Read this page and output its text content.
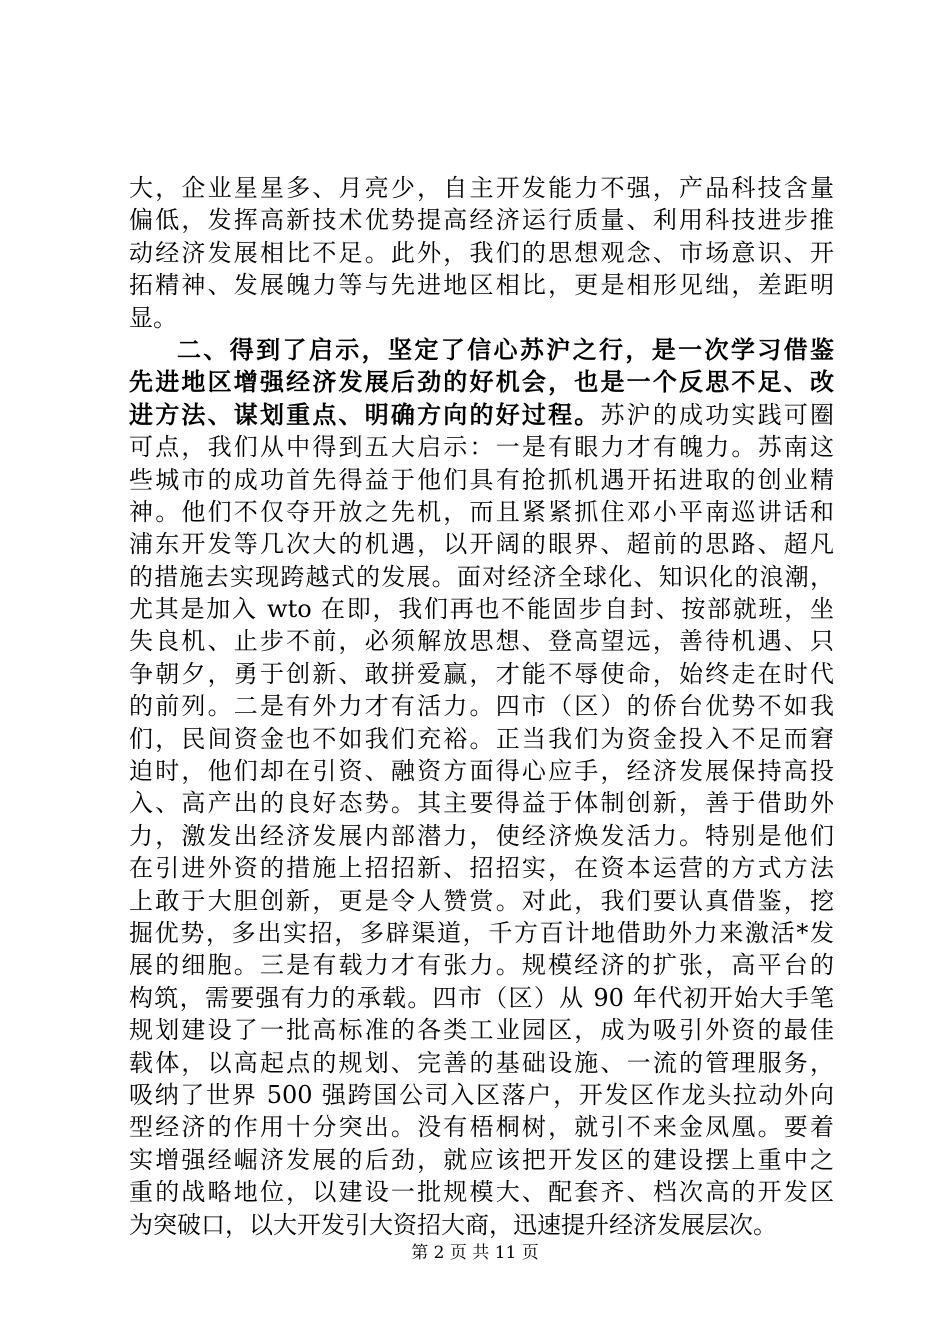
大，企业星星多、月亮少，自主开发能力不强，产品科技含量
偏低，发挥高新技术优势提高经济运行质量、利用科技进步推
动经济发展相比不足。此外，我们的思想观念、市场意识、开
拓精神、发展魄力等与先进地区相比，更是相形见绌，差距明
显。
二、得到了启示，坚定了信心苏沪之行，是一次学习借鉴
先进地区增强经济发展后劲的好机会，也是一个反思不足、改
进方法、谋划重点、明确方向的好过程。苏沪的成功实践可圈
可点，我们从中得到五大启示：一是有眼力才有魄力。苏南这
些城市的成功首先得益于他们具有抢抓机遇开拓进取的创业精
神。他们不仅夺开放之先机，而且紧紧抓住邓小平南巡讲话和
浦东开发等几次大的机遇，以开阔的眼界、超前的思路、超凡
的措施去实现跨越式的发展。面对经济全球化、知识化的浪潮，
尤其是加入 wto 在即，我们再也不能固步自封、按部就班，坐
失良机、止步不前，必须解放思想、登高望远，善待机遇、只
争朝夕，勇于创新、敢拼爱赢，才能不辱使命，始终走在时代
的前列。二是有外力才有活力。四市（区）的侨台优势不如我
们，民间资金也不如我们充裕。正当我们为资金投入不足而窘
迫时，他们却在引资、融资方面得心应手，经济发展保持高投
入、高产出的良好态势。其主要得益于体制创新，善于借助外
力，激发出经济发展内部潜力，使经济焕发活力。特别是他们
在引进外资的措施上招招新、招招实，在资本运营的方式方法
上敢于大胆创新，更是令人赞赏。对此，我们要认真借鉴，挖
掘优势，多出实招，多辟渠道，千方百计地借助外力来激活*发
展的细胞。三是有载力才有张力。规模经济的扩张，高平台的
构筑，需要强有力的承载。四市（区）从 90 年代初开始大手笔
规划建设了一批高标准的各类工业园区，成为吸引外资的最佳
载体，以高起点的规划、完善的基础设施、一流的管理服务，
吸纳了世界 500 强跨国公司入区落户，开发区作龙头拉动外向
型经济的作用十分突出。没有梧桐树，就引不来金凤凰。要着
实增强经崛济发展的后劲，就应该把开发区的建设摆上重中之
重的战略地位，以建设一批规模大、配套齐、档次高的开发区
为突破口，以大开发引大资招大商，迅速提升经济发展层次。
第 2 页 共 11 页
